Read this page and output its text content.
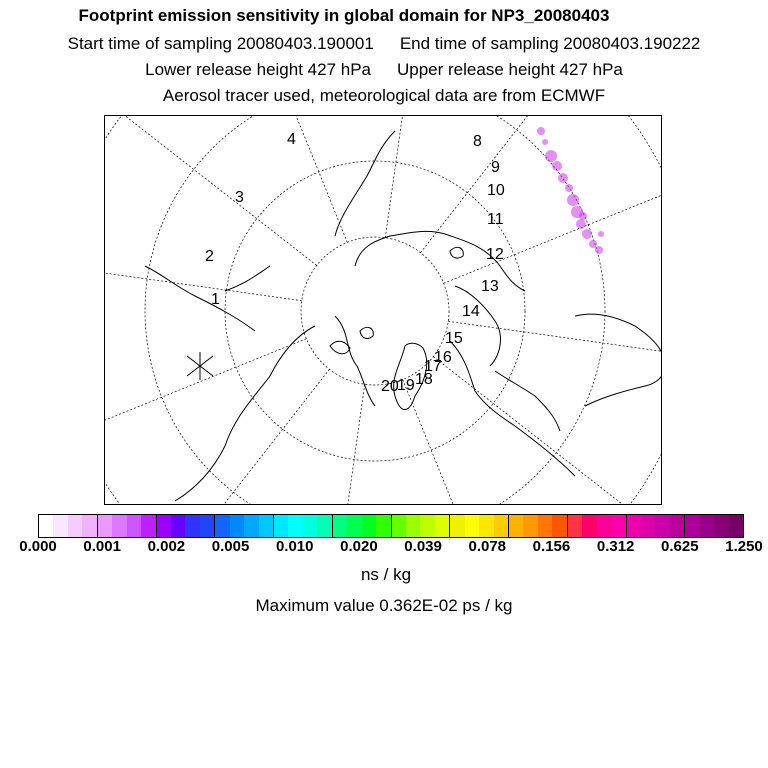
Footprint emission sensitivity in global domain for NP3_20080403
Start time of sampling 20080403.190001 End time of sampling 20080403.190222
Lower release height 427 hPa Upper release height 427 hPa
Aerosol tracer used, meteorological data are from ECMWF
1
2
3
4	8
9
10
11
12
13
14
15
16
17
18
19
20
0.000 0.001 0.002 0.005 0.010 0.020 0.039 0.078 0.156 0.312 0.625 1.250
ns / kg
Maximum value 0.362E-02 ps / kg
